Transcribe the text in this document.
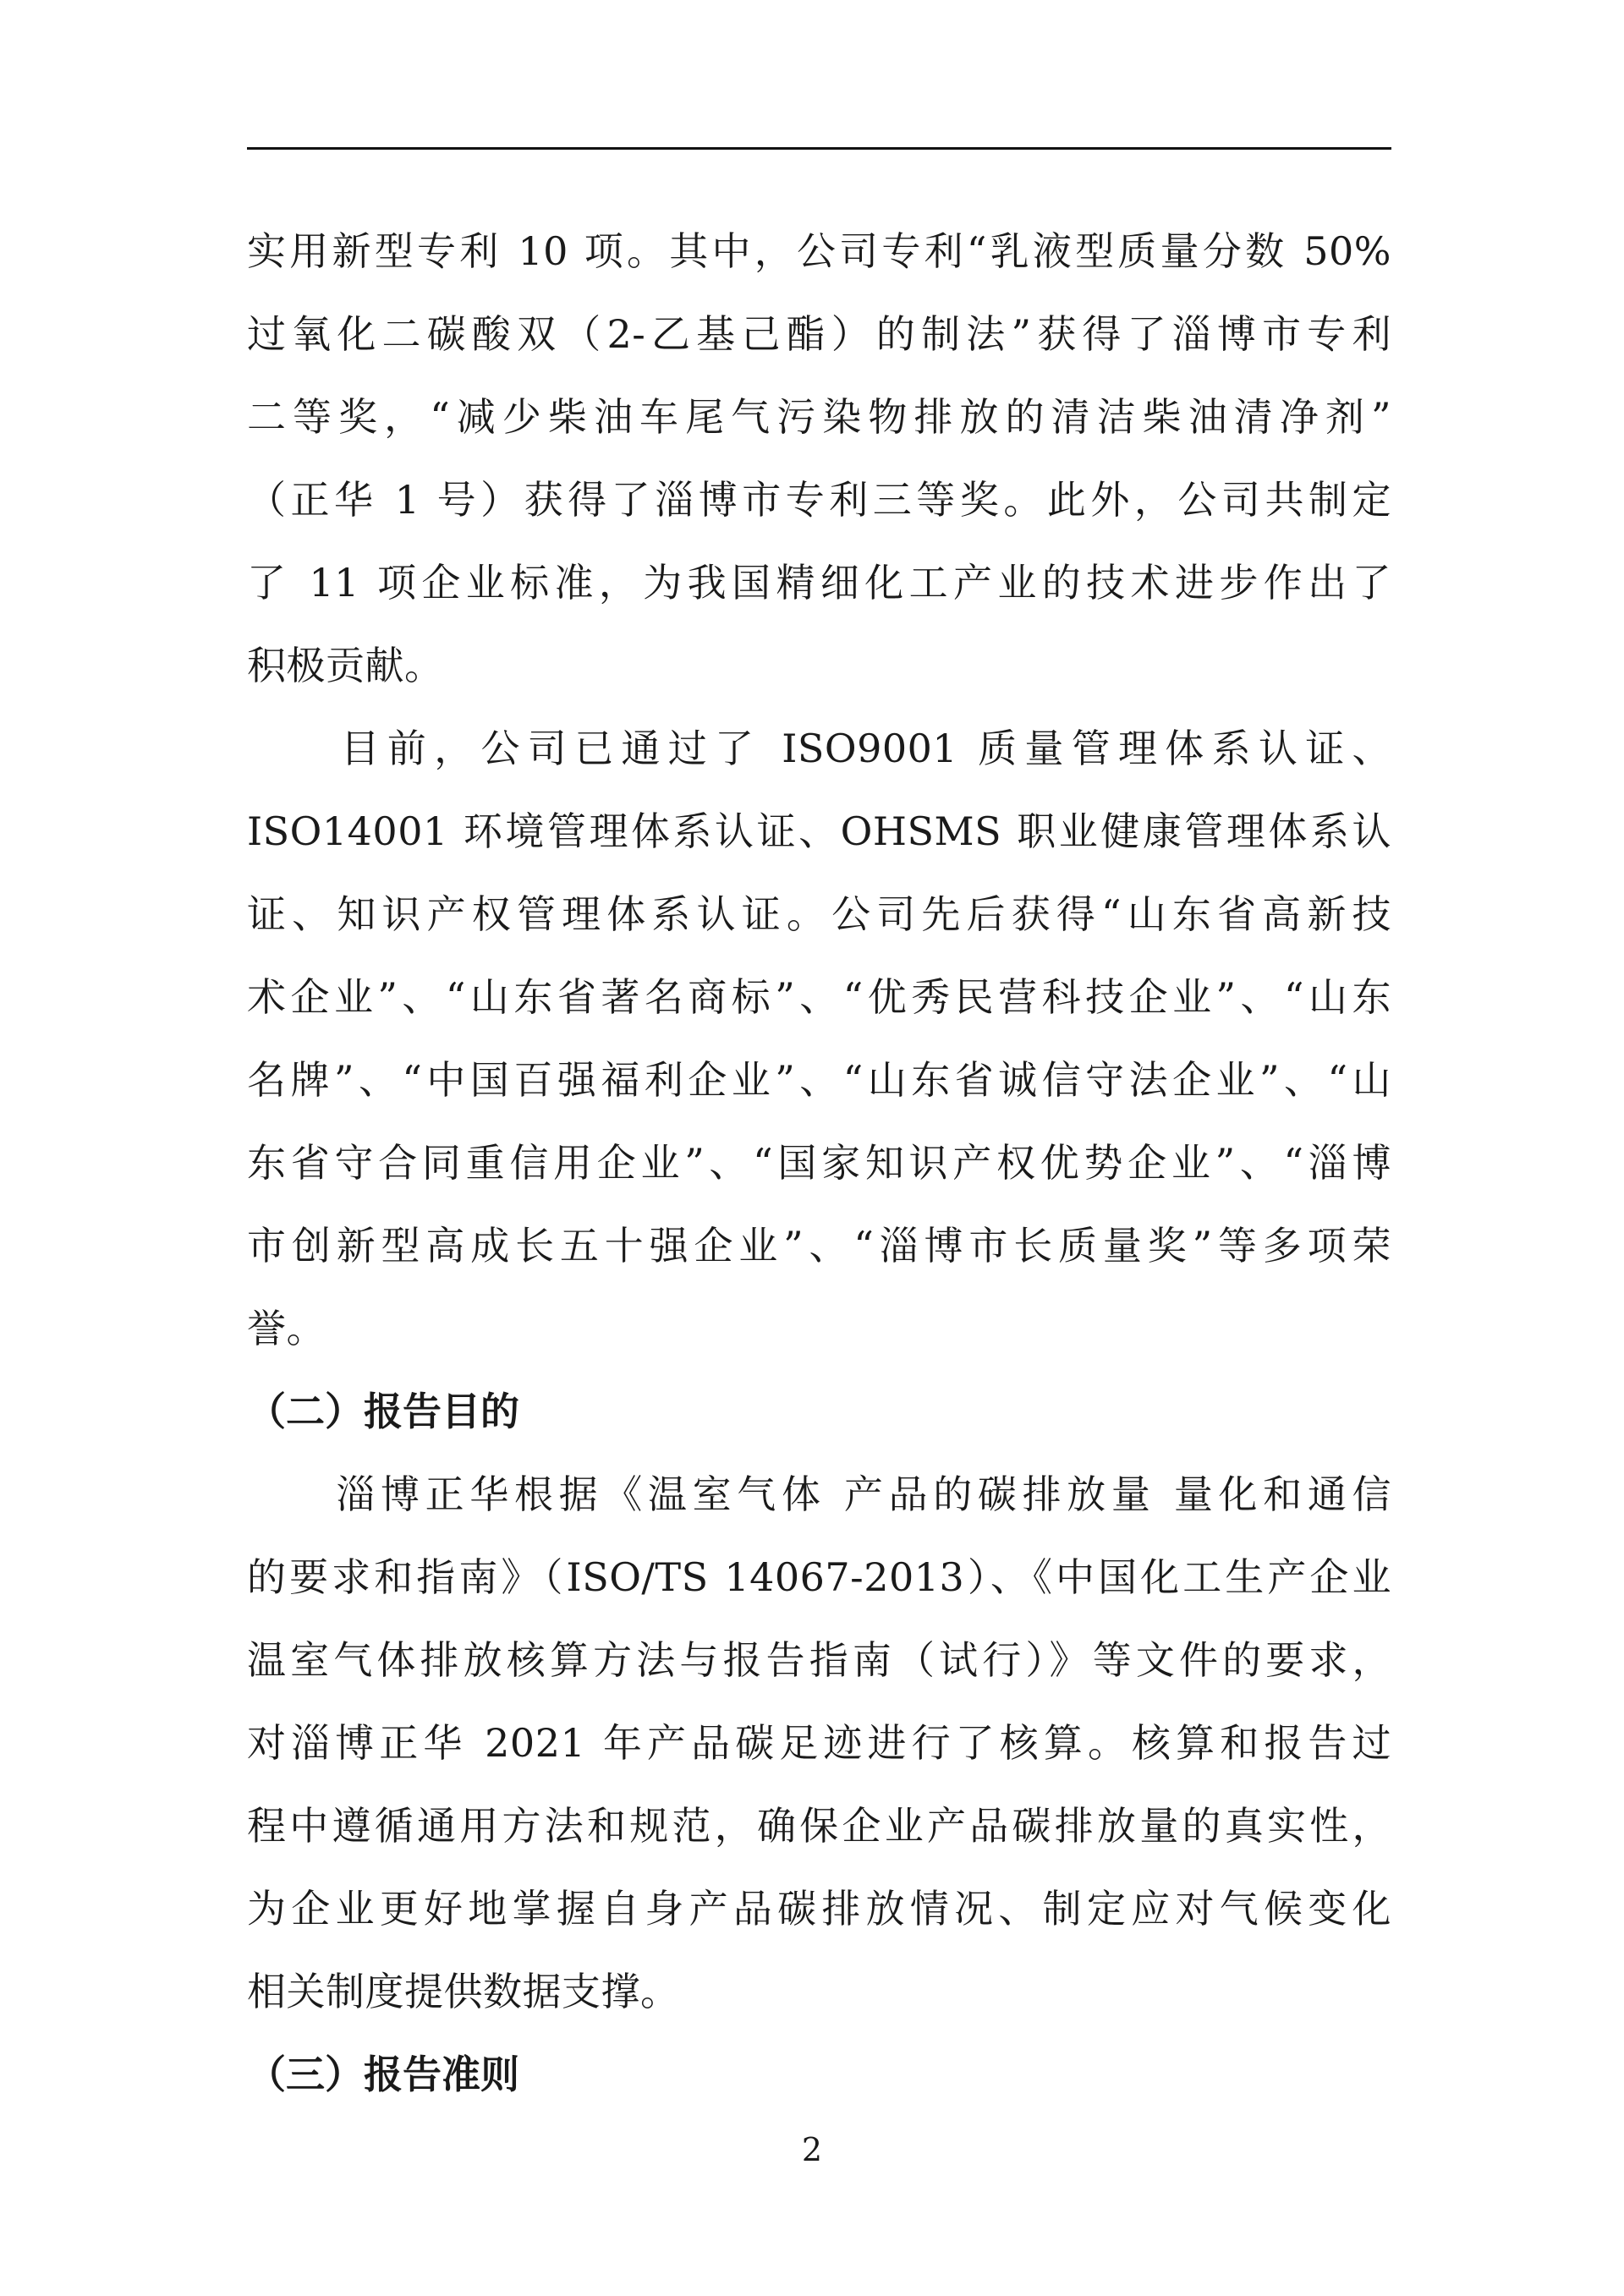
实用新型专利 10 项。其中，公司专利“乳液型质量分数 50%
过氧化二碳酸双（2-乙基己酯）的制法”获得了淄博市专利
二等奖，“减少柴油车尾气污染物排放的清洁柴油清净剂”
（正华 1 号）获得了淄博市专利三等奖。此外，公司共制定
了 11 项企业标准，为我国精细化工产业的技术进步作出了
积极贡献。

　　目前，公司已通过了 ISO9001 质量管理体系认证、
ISO14001 环境管理体系认证、OHSMS 职业健康管理体系认
证、知识产权管理体系认证。公司先后获得“山东省高新技
术企业”、“山东省著名商标”、“优秀民营科技企业”、“山东
名牌”、“中国百强福利企业”、“山东省诚信守法企业”、“山
东省守合同重信用企业”、“国家知识产权优势企业”、“淄博
市创新型高成长五十强企业”、“淄博市长质量奖”等多项荣
誉。

（二）报告目的

　　淄博正华根据《温室气体 产品的碳排放量 量化和通信
的要求和指南》（ISO/TS 14067-2013）、《中国化工生产企业
温室气体排放核算方法与报告指南（试行）》等文件的要求，
对淄博正华 2021 年产品碳足迹进行了核算。核算和报告过
程中遵循通用方法和规范，确保企业产品碳排放量的真实性，
为企业更好地掌握自身产品碳排放情况、制定应对气候变化
相关制度提供数据支撑。

（三）报告准则
2
